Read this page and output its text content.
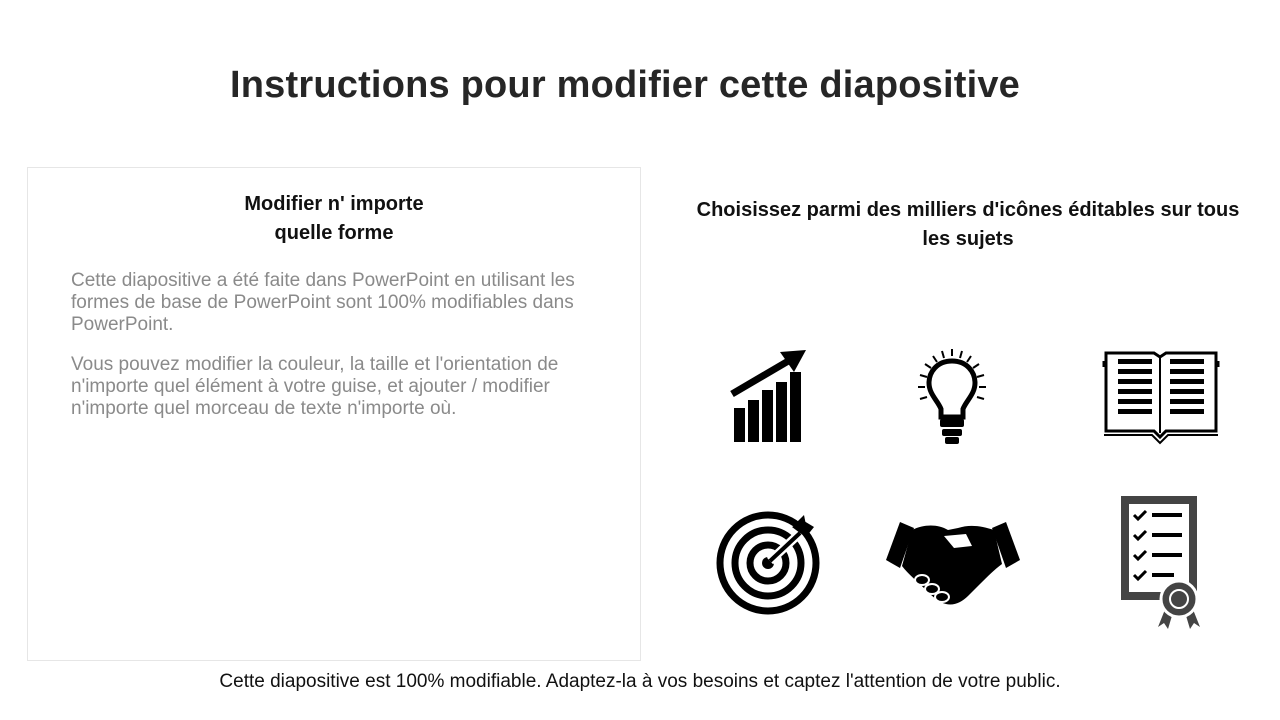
Instructions pour modifier cette diapositive
Modifier n' importe
quelle forme

Cette diapositive a été faite dans PowerPoint en utilisant les formes de base de PowerPoint sont 100% modifiables dans PowerPoint.

Vous pouvez modifier la couleur, la taille et l'orientation de n'importe quel élément à votre guise, et ajouter / modifier n'importe quel morceau de texte n'importe où.

Choisissez parmi des milliers d'icônes éditables sur tous
les sujets
Cette diapositive est 100% modifiable. Adaptez-la à vos besoins et captez l'attention de votre public.
